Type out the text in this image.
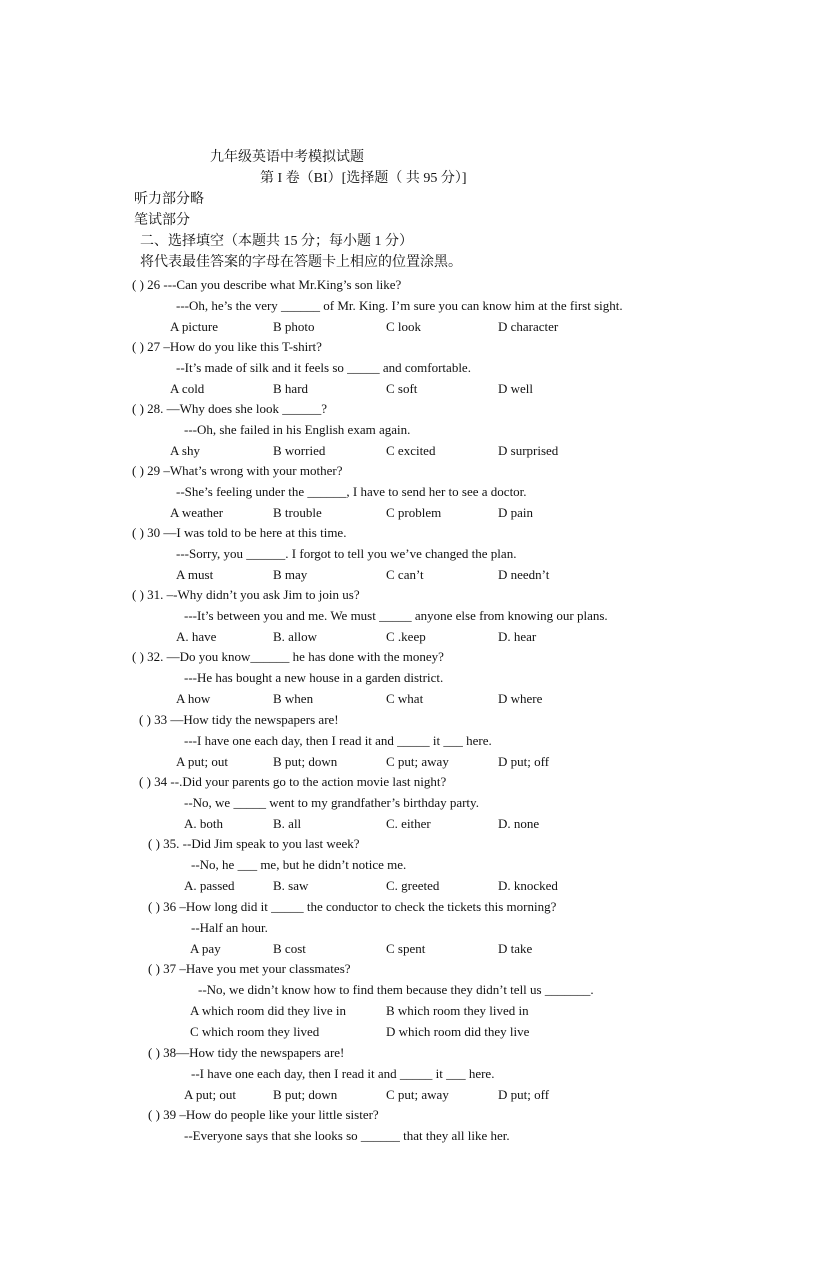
九年级英语中考模拟试题
第 I 卷（BI）[选择题（ 共 95 分）]
听力部分略
笔试部分
二、选择填空（本题共 15 分；每小题 1 分）
将代表最佳答案的字母在答题卡上相应的位置涂黑。
( ) 26 ---Can you describe what Mr.King’s son like?
---Oh, he’s the very ______ of Mr. King. I’m sure you can know him at the first sight.
A picture	B photo	C look	D character
( ) 27 –How do you like this T-shirt?
--It’s made of silk and it feels so _____ and comfortable.
A cold	B hard	C soft	D well
( ) 28. —Why does she look ______?
---Oh, she failed in his English exam again.
A shy	B worried	C excited	D surprised
( ) 29 –What’s wrong with your mother?
--She’s feeling under the ______, I have to send her to see a doctor.
A weather	B trouble	C problem	D pain
( ) 30 —I was told to be here at this time.
---Sorry, you ______. I forgot to tell you we’ve changed the plan.
A must	B may	C can’t	D needn’t
( ) 31. –-Why didn’t you ask Jim to join us?
---It’s between you and me. We must _____ anyone else from knowing our plans.
A. have	B. allow	C .keep	D. hear
( ) 32. —Do you know______ he has done with the money?
---He has bought a new house in a garden district.
A how	B when	C what	D where
( ) 33 —How tidy the newspapers are!
---I have one each day, then I read it and _____ it ___ here.
A put; out	B put; down	C put; away	D put; off
( ) 34 --.Did your parents go to the action movie last night?
--No, we _____ went to my grandfather’s birthday party.
A. both	B. all	C. either	D. none
( ) 35. --Did Jim speak to you last week?
--No, he ___ me, but he didn’t notice me.
A. passed	B. saw	C. greeted	D. knocked
( ) 36 –How long did it _____ the conductor to check the tickets this morning?
--Half an hour.
A pay	B cost	C spent	D take
( ) 37 –Have you met your classmates?
--No, we didn’t know how to find them because they didn’t tell us _______.
A which room did they live in	B which room they lived in
C which room they lived	D which room did they live
( ) 38—How tidy the newspapers are!
--I have one each day, then I read it and _____ it ___ here.
A put; out	B put; down	C put; away	D put; off
( ) 39 –How do people like your little sister?
--Everyone says that she looks so ______ that they all like her.
